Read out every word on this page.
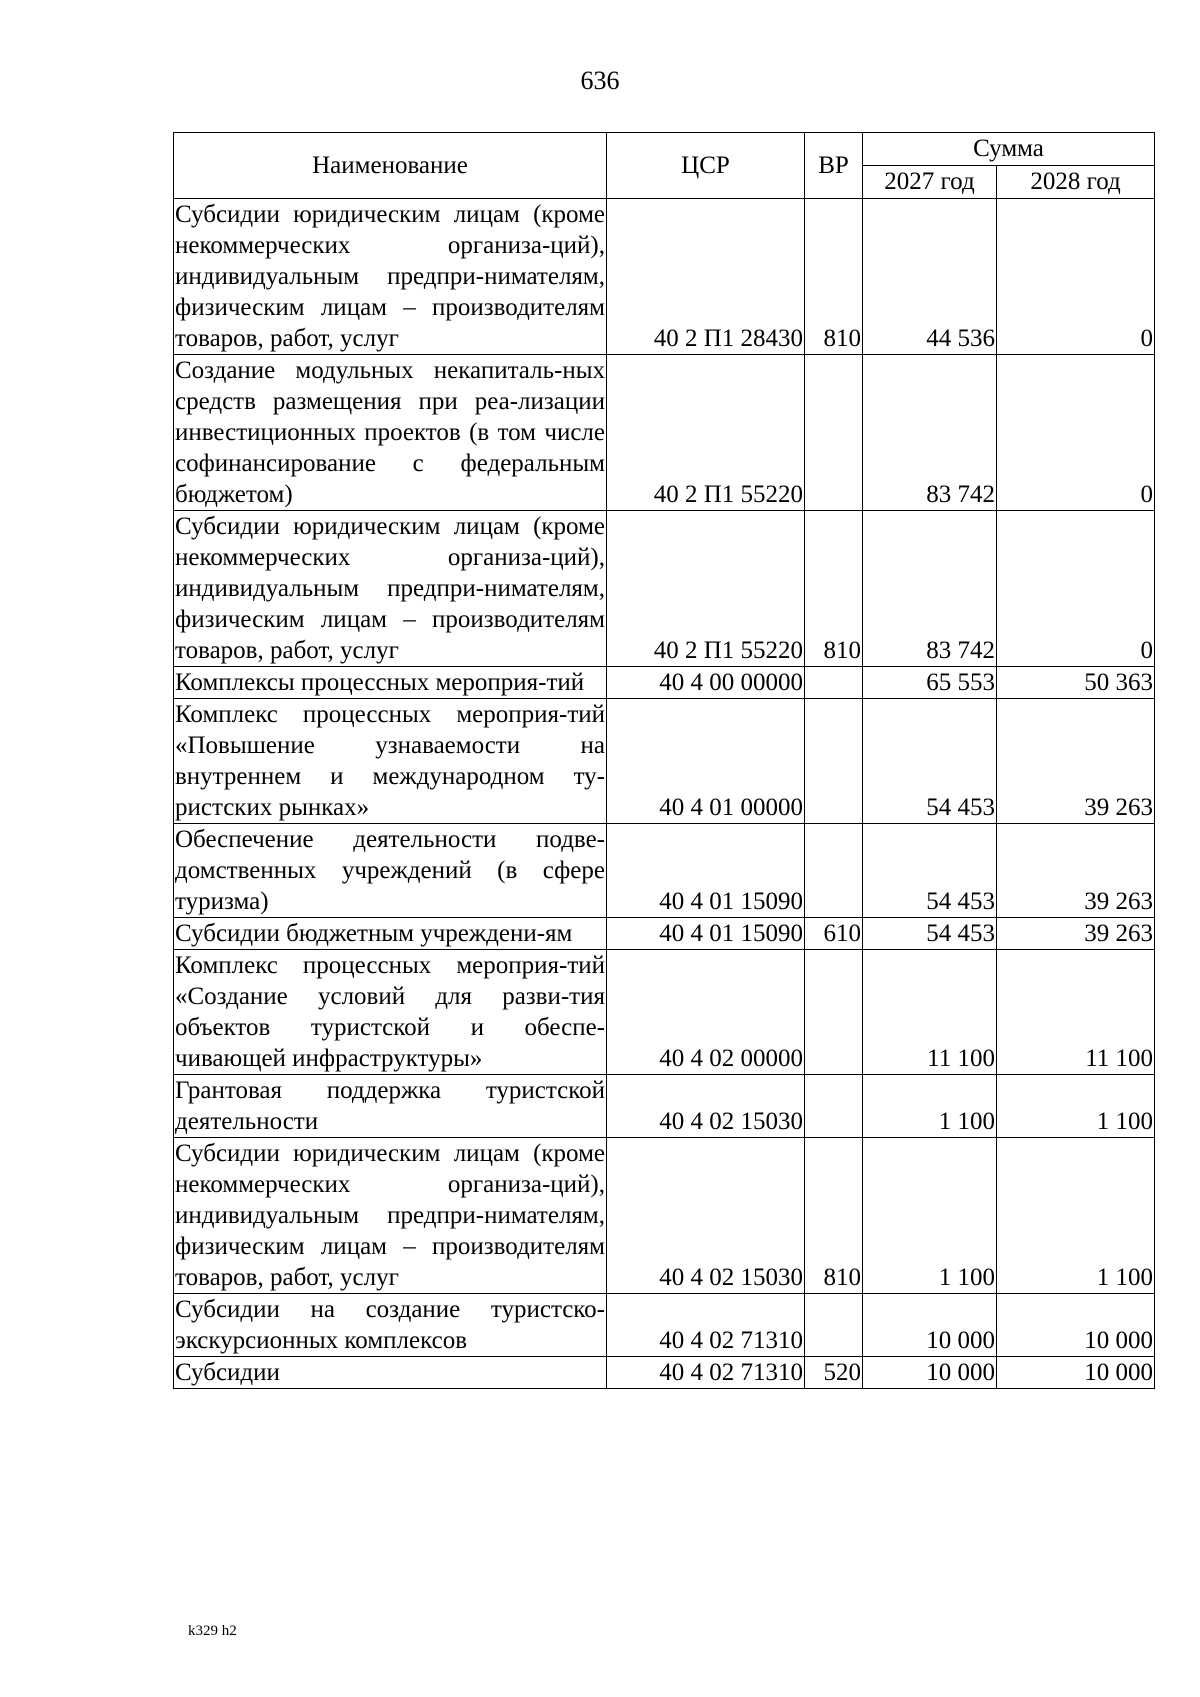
636
Наименование	ЦСР	ВР	Сумма	
			2027 год	2028 год
Субсидии юридическим лицам (кроме некоммерческих организа-ций), индивидуальным предпри-нимателям, физическим лицам – производителям товаров, работ, услуг	40 2 П1 28430	810	44 536	0
Создание модульных некапиталь-ных средств размещения при реа-лизации инвестиционных проектов (в том числе софинансирование с федеральным бюджетом)	40 2 П1 55220		83 742	0
Субсидии юридическим лицам (кроме некоммерческих организа-ций), индивидуальным предпри-нимателям, физическим лицам – производителям товаров, работ, услуг	40 2 П1 55220	810	83 742	0
Комплексы процессных мероприя-тий	40 4 00 00000		65 553	50 363
Комплекс процессных мероприя-тий «Повышение узнаваемости на внутреннем и международном ту-ристских рынках»	40 4 01 00000		54 453	39 263
Обеспечение деятельности подве-домственных учреждений (в сфере туризма)	40 4 01 15090		54 453	39 263
Субсидии бюджетным учреждени-ям	40 4 01 15090	610	54 453	39 263
Комплекс процессных мероприя-тий «Создание условий для разви-тия объектов туристской и обеспе-чивающей инфраструктуры»	40 4 02 00000		11 100	11 100
Грантовая поддержка туристской деятельности	40 4 02 15030		1 100	1 100
Субсидии юридическим лицам (кроме некоммерческих организа-ций), индивидуальным предпри-нимателям, физическим лицам – производителям товаров, работ, услуг	40 4 02 15030	810	1 100	1 100
Субсидии на создание туристско-экскурсионных комплексов	40 4 02 71310		10 000	10 000
Субсидии	40 4 02 71310	520	10 000	10 000
k329 h2
